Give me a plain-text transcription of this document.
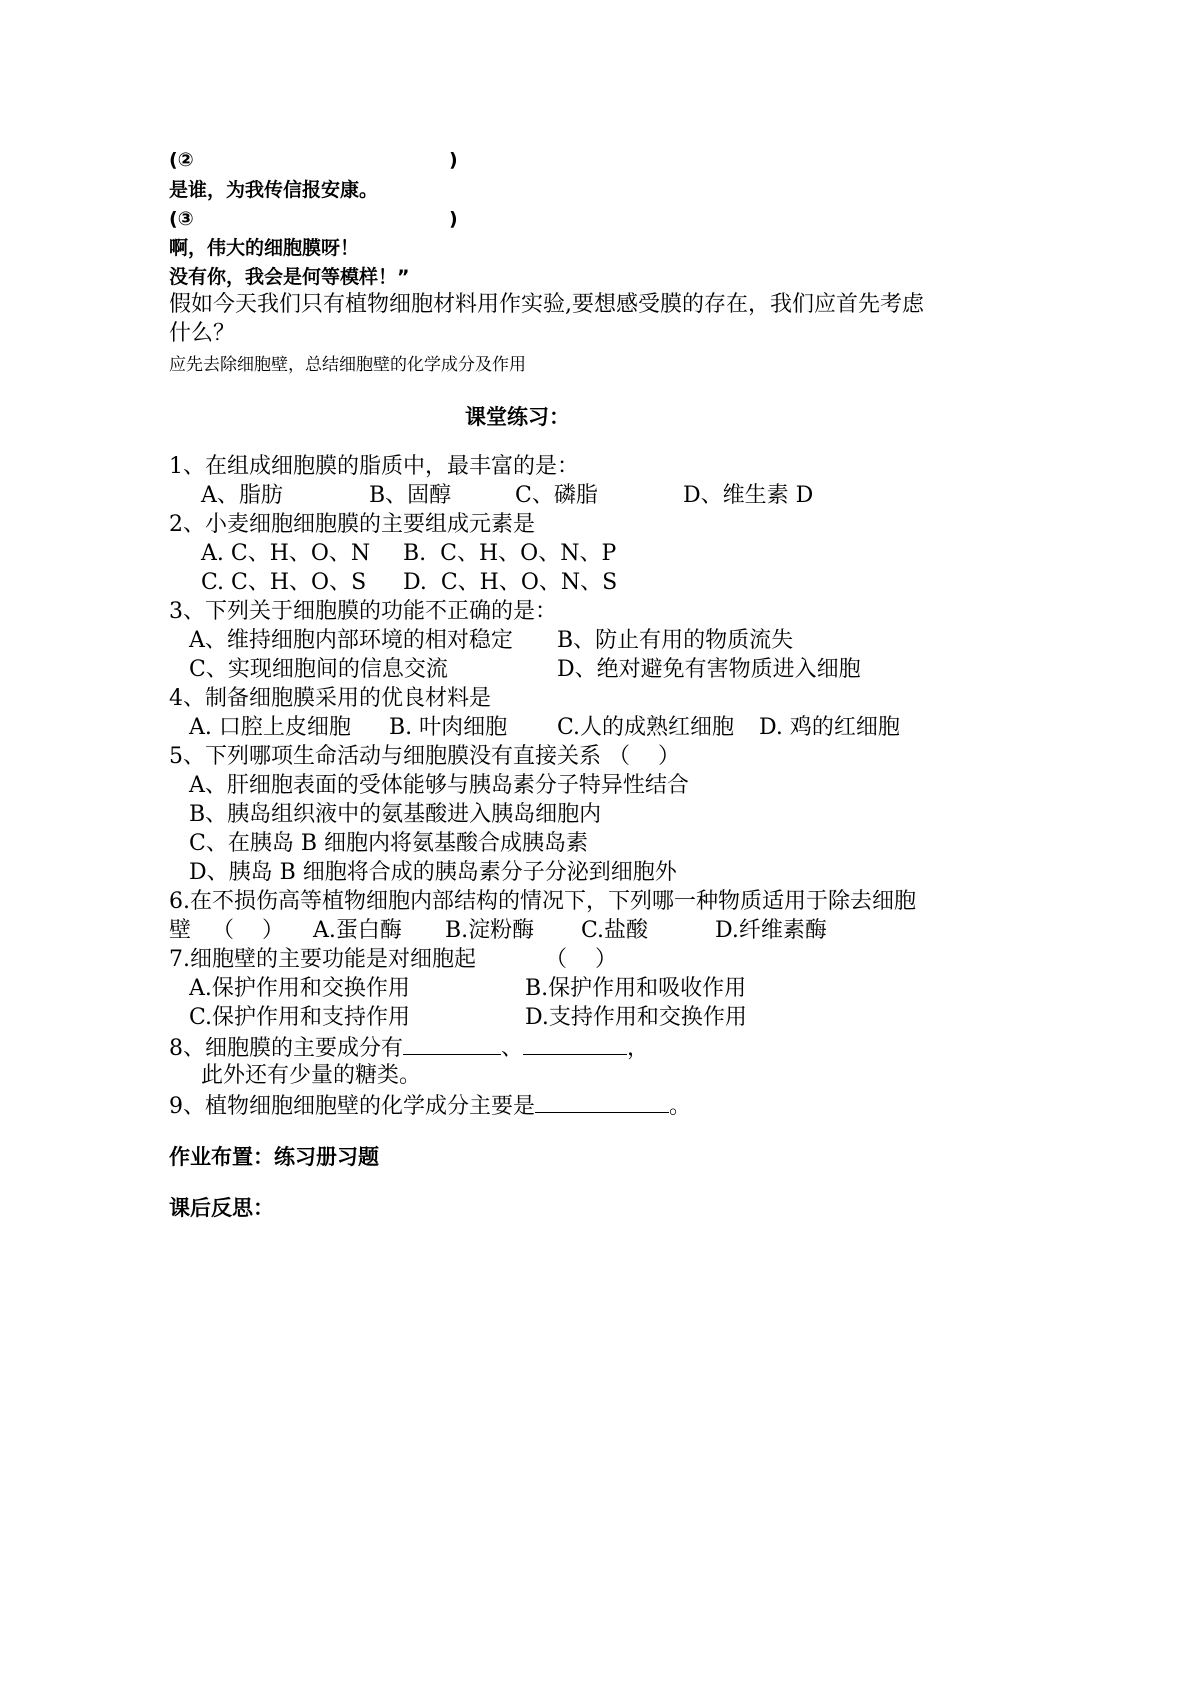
(②	)
是谁，为我传信报安康。
(③	)
啊，伟大的细胞膜呀！
没有你，我会是何等模样！”
假如今天我们只有植物细胞材料用作实验,要想感受膜的存在，我们应首先考虑
什么？
应先去除细胞壁，总结细胞壁的化学成分及作用
课堂练习：
1、在组成细胞膜的脂质中，最丰富的是：
A、脂肪	B、固醇	C、磷脂	D、维生素 D
2、小麦细胞细胞膜的主要组成元素是
A. C、H、O、N B.  C、H、O、N、P
C. C、H、O、S D.  C、H、O、N、S
3、下列关于细胞膜的功能不正确的是：
A、维持细胞内部环境的相对稳定 B、防止有用的物质流失
C、实现细胞间的信息交流	D、绝对避免有害物质进入细胞
4、制备细胞膜采用的优良材料是
A. 口腔上皮细胞 B. 叶肉细胞 C.人的成熟红细胞 D. 鸡的红细胞
5、下列哪项生命活动与细胞膜没有直接关系 （    ）
A、肝细胞表面的受体能够与胰岛素分子特异性结合
B、胰岛组织液中的氨基酸进入胰岛细胞内
C、在胰岛 B 细胞内将氨基酸合成胰岛素
D、胰岛 B 细胞将合成的胰岛素分子分泌到细胞外
6.在不损伤高等植物细胞内部结构的情况下，下列哪一种物质适用于除去细胞
壁   （    ） A.蛋白酶 B.淀粉酶 C.盐酸	D.纤维素酶
7.细胞壁的主要功能是对细胞起	（    ）
A.保护作用和交换作用	B.保护作用和吸收作用
C.保护作用和支持作用	D.支持作用和交换作用
8、细胞膜的主要成分有	、	，
此外还有少量的糖类。
9、植物细胞细胞壁的化学成分主要是	。
作业布置：练习册习题
课后反思：
